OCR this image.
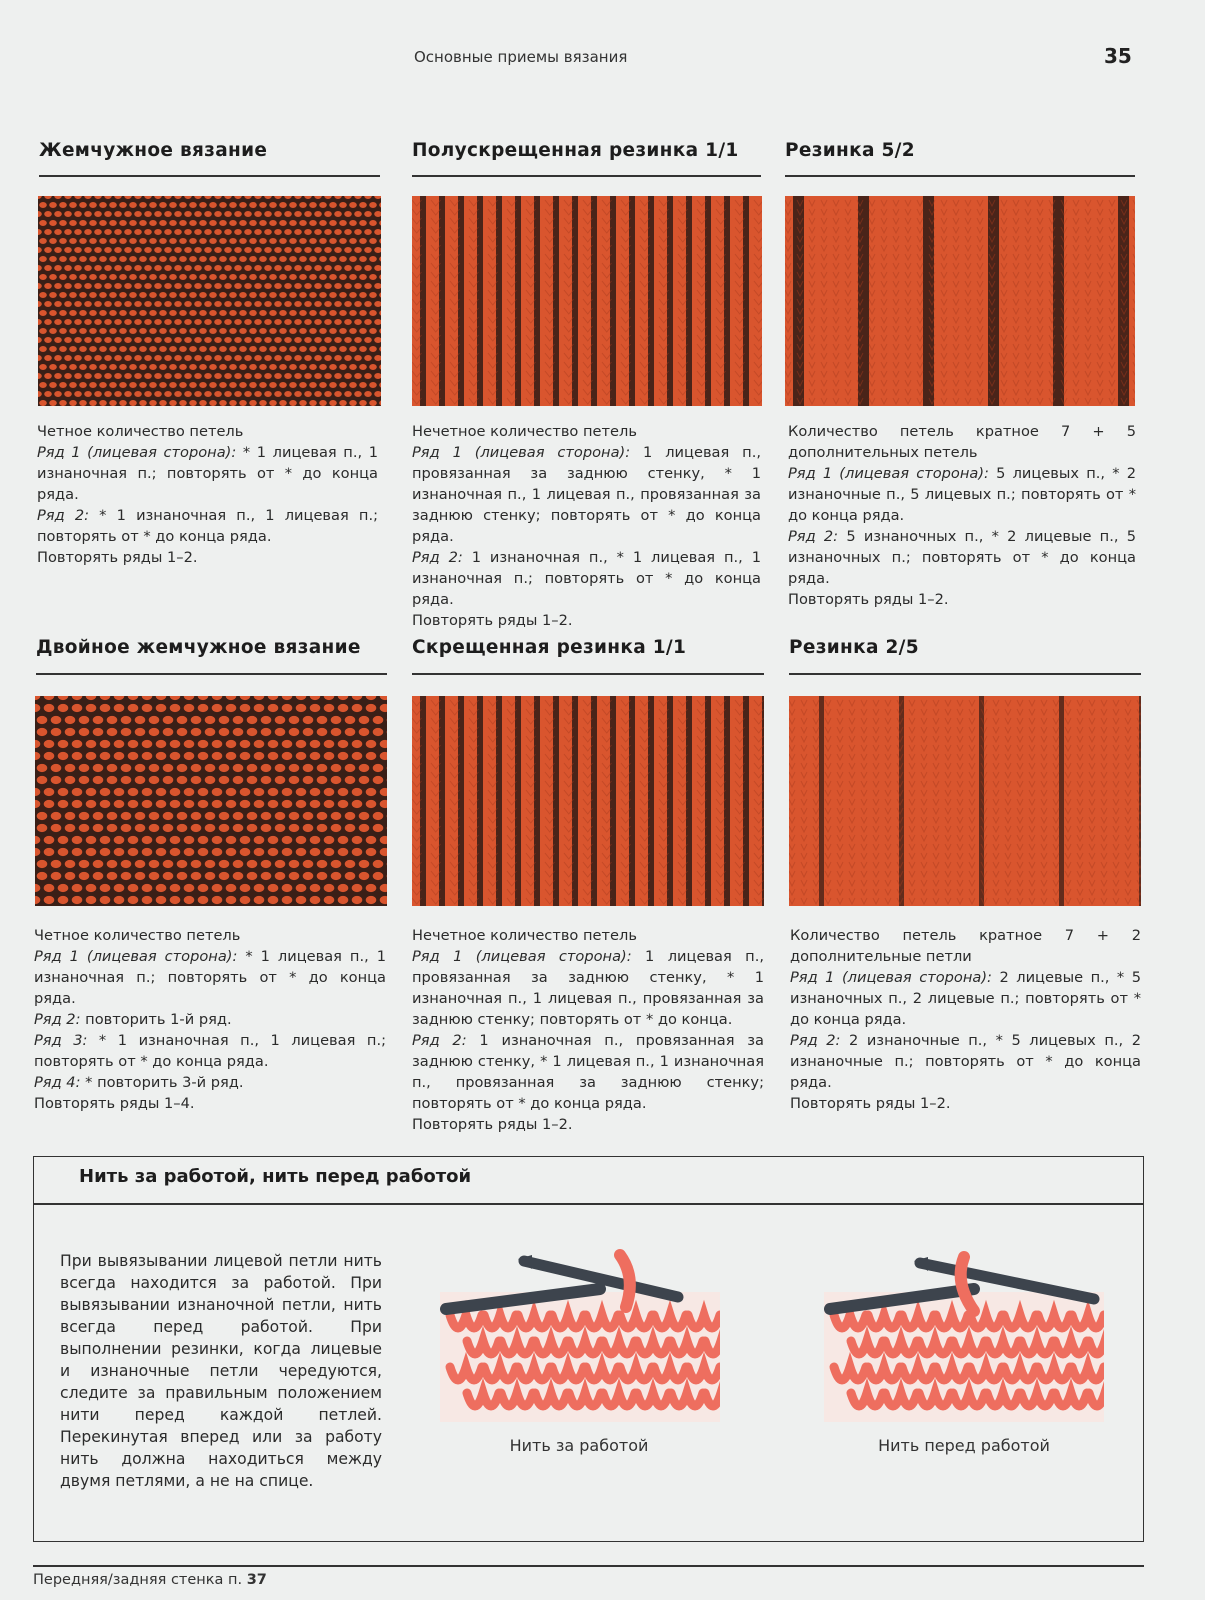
Основные приемы вязания	35
Жемчужное вязание

Четное количество петель

Ряд 1 (лицевая сторона): * 1 лицевая п., 1 изнаночная п.; повторять от * до конца ряда.

Ряд 2: * 1 изнаночная п., 1 лицевая п.; повторять от * до конца ряда.

Повторять ряды 1–2.

Полускрещенная резинка 1/1

Нечетное количество петель

Ряд 1 (лицевая сторона): 1 лицевая п., провязанная за заднюю стенку, * 1 изнаночная п., 1 лицевая п., провязанная за заднюю стенку; повторять от * до конца ряда.

Ряд 2: 1 изнаночная п., * 1 лицевая п., 1 изнаночная п.; повторять от * до конца ряда.

Повторять ряды 1–2.

Резинка 5/2

Количество петель кратное 7 + 5 дополнительных петель

Ряд 1 (лицевая сторона): 5 лицевых п., * 2 изнаночные п., 5 лицевых п.; повторять от * до конца ряда.

Ряд 2: 5 изнаночных п., * 2 лицевые п., 5 изнаночных п.; повторять от * до конца ряда.

Повторять ряды 1–2.

Двойное жемчужное вязание

Четное количество петель

Ряд 1 (лицевая сторона): * 1 лицевая п., 1 изнаночная п.; повторять от * до конца ряда.

Ряд 2: повторить 1-й ряд.

Ряд 3: * 1 изнаночная п., 1 лицевая п.; повторять от * до конца ряда.

Ряд 4: * повторить 3-й ряд.

Повторять ряды 1–4.

Скрещенная резинка 1/1

Нечетное количество петель

Ряд 1 (лицевая сторона): 1 лицевая п., провязанная за заднюю стенку, * 1 изнаночная п., 1 лицевая п., провязанная за заднюю стенку; повторять от * до конца.

Ряд 2: 1 изнаночная п., провязанная за заднюю стенку, * 1 лицевая п., 1 изнаночная п., провязанная за заднюю стенку; повторять от * до конца ряда.

Повторять ряды 1–2.

Резинка 2/5

Количество петель кратное 7 + 2 дополнительные петли

Ряд 1 (лицевая сторона): 2 лицевые п., * 5 изнаночных п., 2 лицевые п.; повторять от * до конца ряда.

Ряд 2: 2 изнаночные п., * 5 лицевых п., 2 изнаночные п.; повторять от * до конца ряда.

Повторять ряды 1–2.

Нить за работой, нить перед работой
При вывязывании лицевой петли нить всегда находится за работой. При вывязывании изнаночной петли, нить всегда перед работой. При выполнении резинки, когда лицевые и изнаночные петли чередуются, следите за правильным положением нити перед каждой петлей. Перекинутая вперед или за работу нить должна находиться между двумя петлями, а не на спице.
Нить за работой	Нить перед работой
Передняя/задняя стенка п. 37
